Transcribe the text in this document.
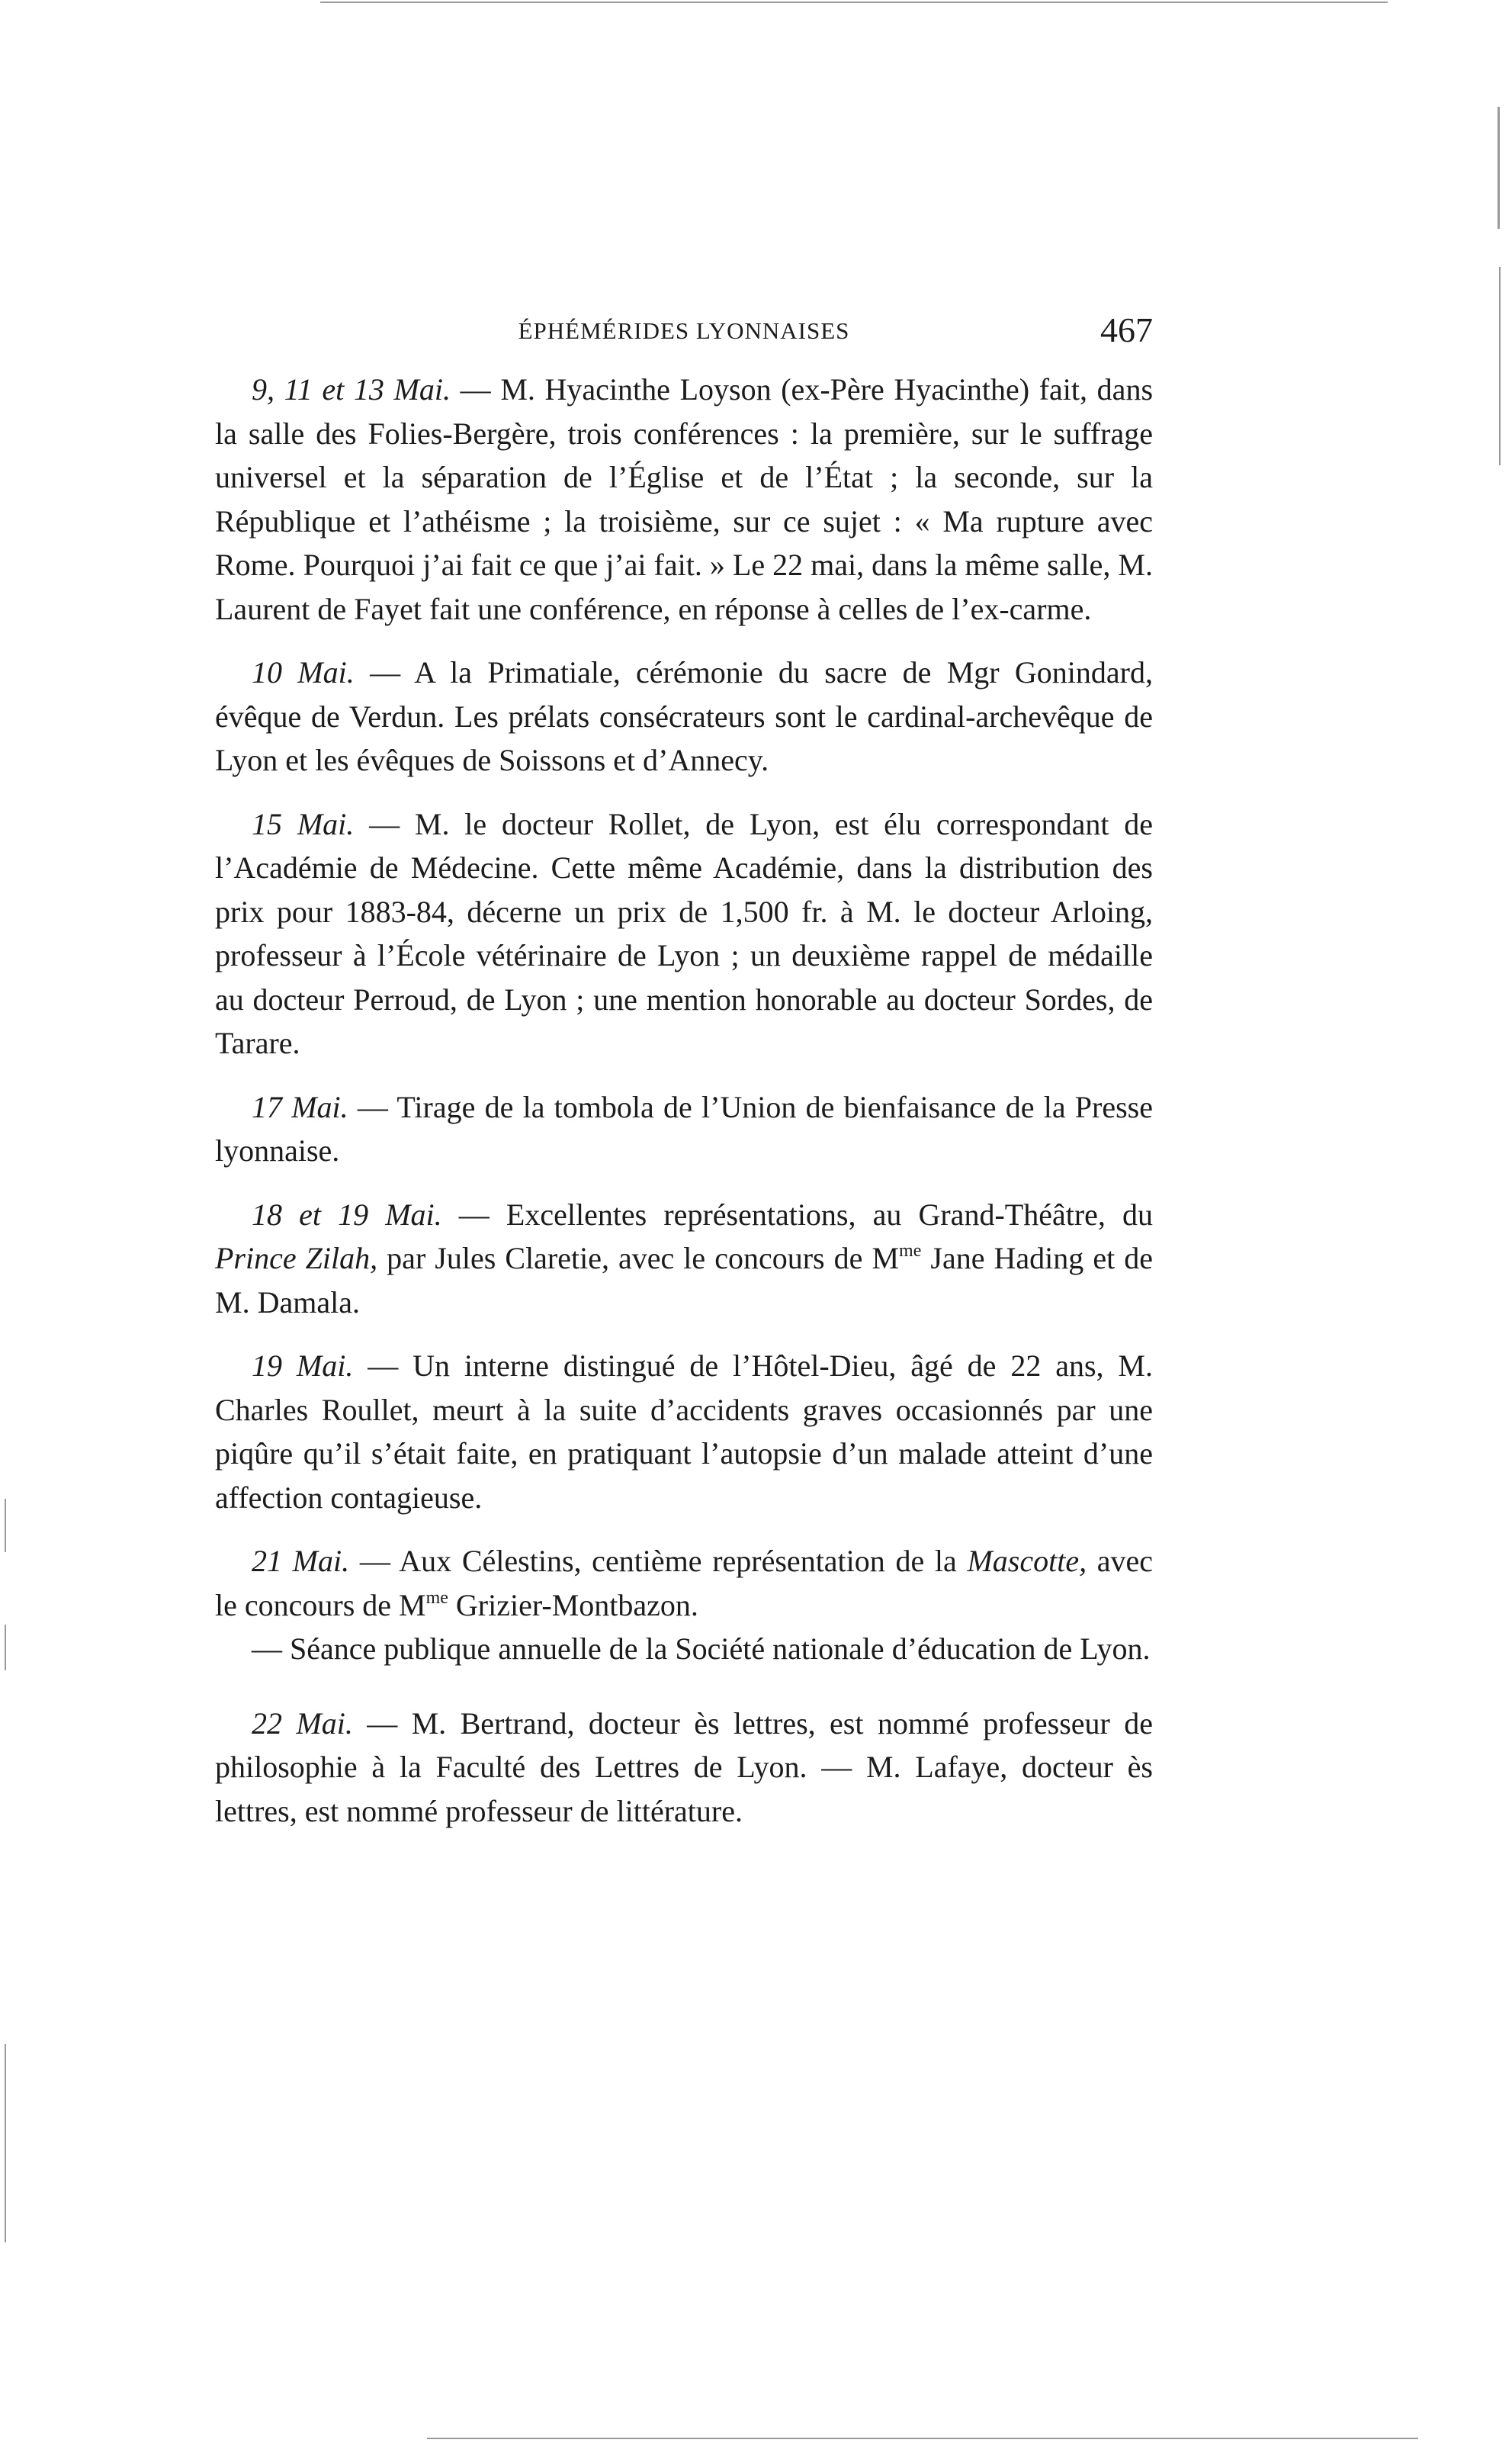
ÉPHÉMÉRIDES LYONNAISES	467

9, 11 et 13 Mai. — M. Hyacinthe Loyson (ex-Père Hyacinthe) fait, dans la salle des Folies-Bergère, trois conférences : la première, sur le suffrage universel et la séparation de l’Église et de l’État ; la seconde, sur la République et l’athéisme ; la troisième, sur ce sujet : « Ma rupture avec Rome. Pourquoi j’ai fait ce que j’ai fait. » Le 22 mai, dans la même salle, M. Laurent de Fayet fait une conférence, en réponse à celles de l’ex-carme.

10 Mai. — A la Primatiale, cérémonie du sacre de Mgr Gonindard, évêque de Verdun. Les prélats consécrateurs sont le cardinal-archevêque de Lyon et les évêques de Soissons et d’Annecy.

15 Mai. — M. le docteur Rollet, de Lyon, est élu correspondant de l’Académie de Médecine. Cette même Académie, dans la distribution des prix pour 1883-84, décerne un prix de 1,500 fr. à M. le docteur Arloing, professeur à l’École vétérinaire de Lyon ; un deuxième rappel de médaille au docteur Perroud, de Lyon ; une mention honorable au docteur Sordes, de Tarare.

17 Mai. — Tirage de la tombola de l’Union de bienfaisance de la Presse lyonnaise.

18 et 19 Mai. — Excellentes représentations, au Grand-Théâtre, du Prince Zilah, par Jules Claretie, avec le concours de $M^{me}$ Jane Hading et de M. Damala.

19 Mai. — Un interne distingué de l’Hôtel-Dieu, âgé de 22 ans, M. Charles Roullet, meurt à la suite d’accidents graves occasionnés par une piqûre qu’il s’était faite, en pratiquant l’autopsie d’un malade atteint d’une affection contagieuse.

21 Mai. — Aux Célestins, centième représentation de la Mascotte, avec le concours de $M^{me}$ Grizier-Montbazon.

— Séance publique annuelle de la Société nationale d’éducation de Lyon.

22 Mai. — M. Bertrand, docteur ès lettres, est nommé professeur de philosophie à la Faculté des Lettres de Lyon. — M. Lafaye, docteur ès lettres, est nommé professeur de littérature.
